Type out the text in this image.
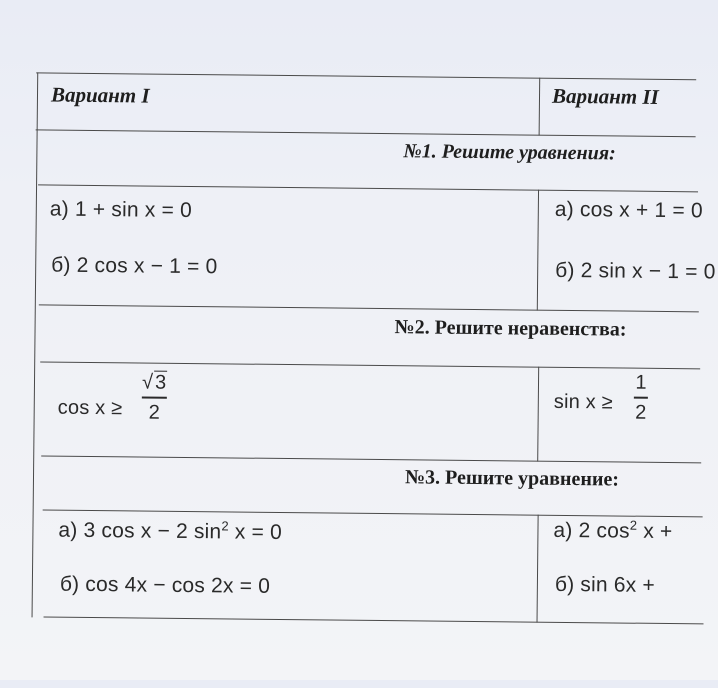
Вариант I	Вариант II
№1. Решите уравнения:
а) 1 + sin x = 0
б) 2 cos x − 1 = 0
а) cos x + 1 = 0
б) 2 sin x − 1 = 0
№2. Решите неравенства:
cos x ≥
√ 3
2	sin x ≥
1
2
№3. Решите уравнение:
а) 3 cos x − 2 $\sin^2 x = 0$
б) cos 4x − cos 2x = 0
а) 2 $\cos^2 x$ +
б) sin 6x +
